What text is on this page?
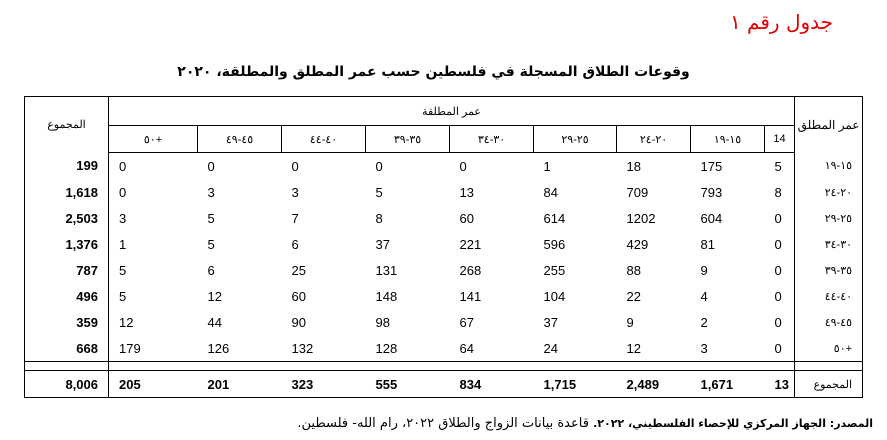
جدول رقم ١
وقوعات الطلاق المسجلة في فلسطين حسب عمر المطلق والمطلقة، ٢٠٢٠
عمر المطلق	عمر المطلقة									المجموع
	14	١٥-١٩	٢٠-٢٤	٢٥-٢٩	٣٠-٣٤	٣٥-٣٩	٤٠-٤٤	٤٥-٤٩	+٥٠	
١٥-١٩	5	175	18	1	0	0	0	0	0	199
٢٠-٢٤	8	793	709	84	13	5	3	3	0	1,618
٢٥-٢٩	0	604	1202	614	60	8	7	5	3	2,503
٣٠-٣٤	0	81	429	596	221	37	6	5	1	1,376
٣٥-٣٩	0	9	88	255	268	131	25	6	5	787
٤٠-٤٤	0	4	22	104	141	148	60	12	5	496
٤٥-٤٩	0	2	9	37	67	98	90	44	12	359
+٥٠	0	3	12	24	64	128	132	126	179	668

المجموع	13	1,671	2,489	1,715	834	555	323	201	205	8,006
المصدر: الجهاز المركزي للإحصاء الفلسطيني، ٢٠٢٢. قاعدة بيانات الزواج والطلاق ٢٠٢٢، رام الله- فلسطين.
